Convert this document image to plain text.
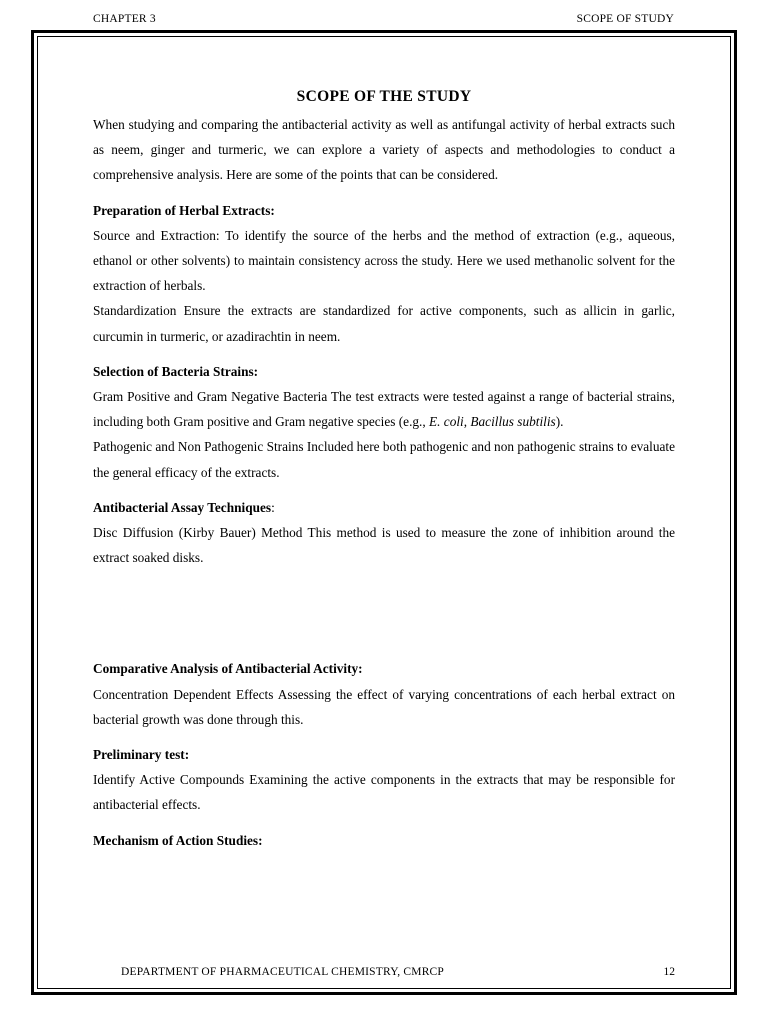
CHAPTER 3	SCOPE OF STUDY
SCOPE OF THE STUDY

When studying and comparing the antibacterial activity as well as antifungal activity of herbal extracts such as neem, ginger and turmeric, we can explore a variety of aspects and methodologies to conduct a comprehensive analysis. Here are some of the points that can be considered.

Preparation of Herbal Extracts:

Source and Extraction: To identify the source of the herbs and the method of extraction (e.g., aqueous, ethanol or other solvents) to maintain consistency across the study. Here we used methanolic solvent for the extraction of herbals.

Standardization Ensure the extracts are standardized for active components, such as allicin in garlic, curcumin in turmeric, or azadirachtin in neem.

Selection of Bacteria Strains:

Gram Positive and Gram Negative Bacteria The test extracts were tested against a range of bacterial strains, including both Gram positive and Gram negative species (e.g., E. coli, Bacillus subtilis).

Pathogenic and Non Pathogenic Strains Included here both pathogenic and non pathogenic strains to evaluate the general efficacy of the extracts.

Antibacterial Assay Techniques:

Disc Diffusion (Kirby Bauer) Method This method is used to measure the zone of inhibition around the extract soaked disks.

Comparative Analysis of Antibacterial Activity:

Concentration Dependent Effects Assessing the effect of varying concentrations of each herbal extract on bacterial growth was done through this.

Preliminary test:

Identify Active Compounds Examining the active components in the extracts that may be responsible for antibacterial effects.

Mechanism of Action Studies:

DEPARTMENT OF PHARMACEUTICAL CHEMISTRY, CMRCP	12
